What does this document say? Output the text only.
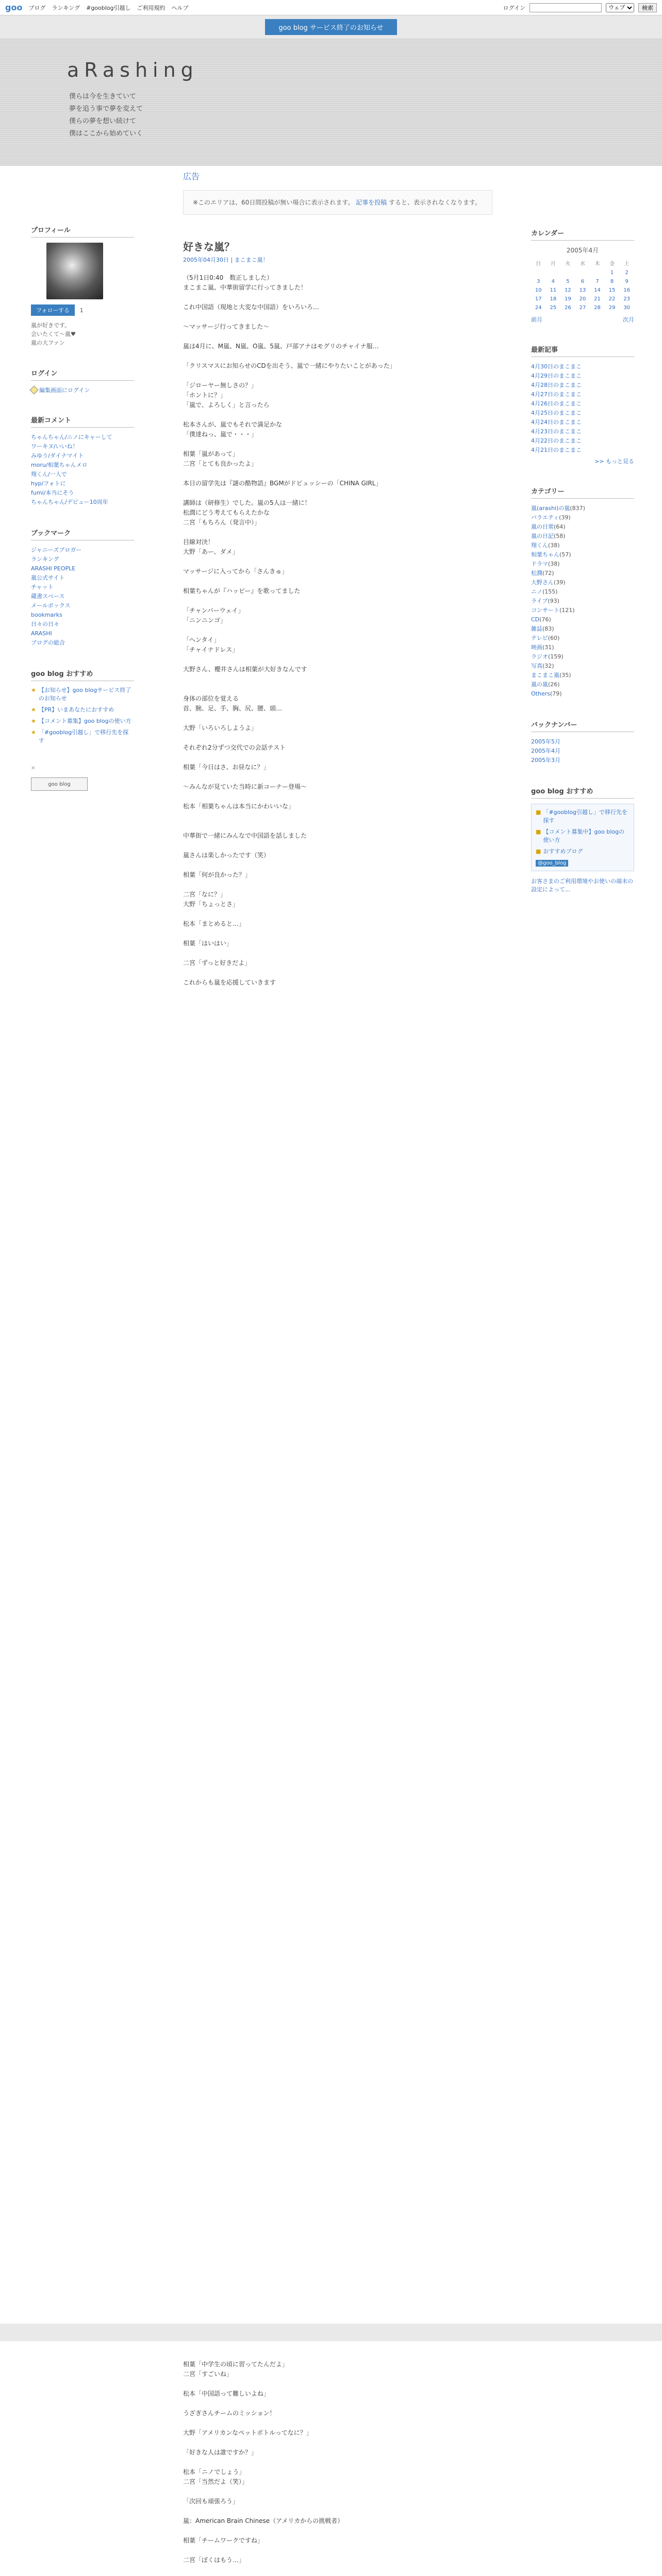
goo ブログ ランキング #gooblog引越し ご利用規約 ヘルプ	ログイン
ウェブ	検索
goo blog サービス終了のお知らせ
aRashing
僕らは今を生きていて
夢を追う事で夢を変えて
僕らの夢を想い続けて
僕はここから始めていく
プロフィール
フォローする 1
嵐が好きです。
会いたくて～嵐♥
嵐の大ファン
ログイン
編集画面にログイン
最新コメント
ちゃんちゃん/ニノにキャーして
ワーキヌ/いいね！
みゆう/ダイナマイト
moru/相葉ちゃんメロ
翔くん/一人で
hyp/フォトに
fumi/本当にそう
ちゃんちゃん/デビュー10周年
ブックマーク
ジャニーズブロガー
ランキング
ARASHI PEOPLE
嵐公式サイト
チャット
蔵書スペース
メールボックス
bookmarks
日々の日々
ARASHI
ブログの総合
goo blog おすすめ
★ 【お知らせ】goo blogサービス終了のお知らせ
★ 【PR】いまあなたにおすすめ
★ 【コメント募集】goo blogの使い方
★ 「#gooblog引越し」で移行先を探す
✕
goo blog
広告
※このエリアは、60日間投稿が無い場合に表示されます。 記事を投稿 すると、表示されなくなります。
好きな嵐？
2005年04月30日 | まこまこ嵐！
（5月1日0:40　数正しました）
まこまこ嵐、中華街留学に行ってきました！

これ中国語（現地と大変な中国語）をいろいろ…

～マッサージ行ってきました～

嵐は4月に、M嵐、N嵐、O嵐、5嵐、戸部アナはモグリのチャイナ服…

「クリスマスにお知らせのCDを出そう、嵐で一緒にやりたいことがあった」

「ジローヤー無しさの？」
「ホントに？」
「嵐で、よろしく」と言ったら

松本さんが、嵐でもそれで満足かな
「僕達ねっ、嵐で・・・」

相葉「嵐があって」
二宮「とても良かったよ」

本日の留学先は『謎の酷物語』BGMがドビュッシーの「CHINA GIRL」

講師は（研修生）でした。嵐の5人は一緒に！
松潤にどう考えてもらえたかな
二宮「もちろん（発言中）」

目線対決！
大野「あー、ダメ」

マッサージに入ってから「さんきゅ」

相葉ちゃんが『ハッピー』を歌ってました

「チャンバーウェイ」
「ニンニンゴ」

「ヘンタイ」
「チャイナドレス」

大野さん、櫻井さんは相葉が大好きなんです

身体の部位を覚える
首、腕、足、手、胸、尻、腰、頭…

大野「いろいろしようよ」

それぞれ2分ずつ交代での会話テスト

相葉「今日はさ、お昼なに？」

～みんなが見ていた当時に新コーナー登場～

松本「相葉ちゃんは本当にかわいいな」

中華街で一緒にみんなで中国語を話しました

嵐さんは楽しかったです（笑）

相葉「何が良かった？」

二宮「なに？」
大野「ちょっとさ」

松本「まとめると…」

相葉「はいはい」

二宮「ずっと好きだよ」

これからも嵐を応援していきます
カレンダー
2005年4月
日	月	火	水	木	金	土
					1	2
3	4	5	6	7	8	9
10	11	12	13	14	15	16
17	18	19	20	21	22	23
24	25	26	27	28	29	30
前月	次月
最新記事
4月30日のまこまこ
4月29日のまこまこ
4月28日のまこまこ
4月27日のまこまこ
4月26日のまこまこ
4月25日のまこまこ
4月24日のまこまこ
4月23日のまこまこ
4月22日のまこまこ
4月21日のまこまこ
>> もっと見る
カテゴリー
嵐(arashi)の嵐(837)
バラエティ(39)
嵐の日常(64)
嵐の日記(58)
翔くん(38)
相葉ちゃん(57)
ドラマ(38)
松潤(72)
大野さん(39)
ニノ(155)
ライブ(93)
コンサート(121)
CD(76)
雑誌(83)
テレビ(60)
映画(31)
ラジオ(159)
写真(32)
まこまこ嵐(35)
嵐の嵐(26)
Others(79)
バックナンバー
2005年5月
2005年4月
2005年3月
goo blog おすすめ
■ 「#gooblog引越し」で移行先を探す
■ 【コメント募集中】goo blogの使い方
■ おすすめブログ
@goo_blog
お客さまのご利用環境やお使いの端末の設定によって...
相葉「中学生の頃に習ってたんだよ」
二宮「すごいね」

松本「中国語って難しいよね」

うざぎさんチームのミッション！

大野「アメリカンなペットボトルってなに？」

「好きな人は誰ですか？」

松本「ニノでしょう」
二宮「当然だよ（笑）」

「次回も頑張ろう」

嵐：American Brain Chinese（アメリカからの挑戦者）

相葉「チームワークですね」

二宮「ぼくはもう…」
